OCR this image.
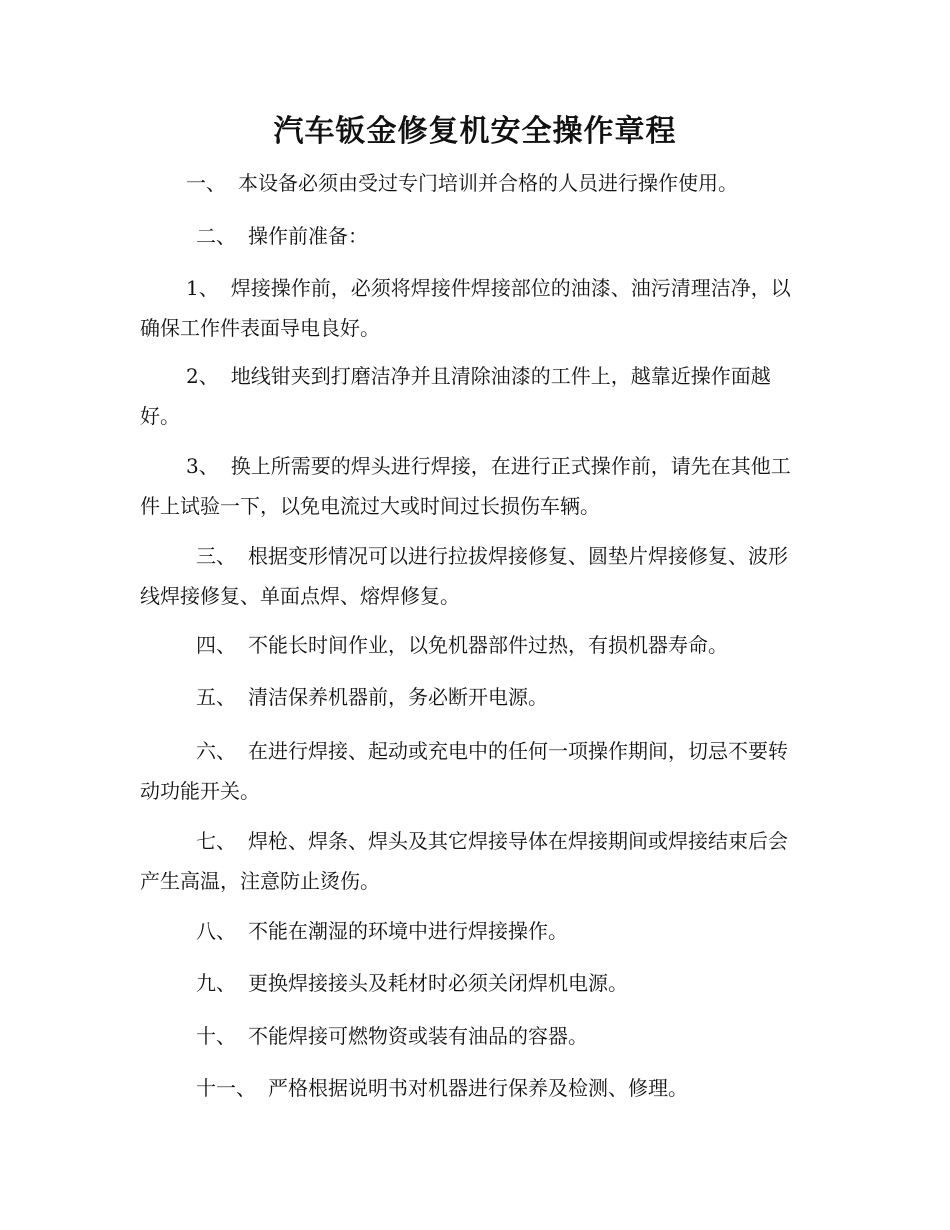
汽车钣金修复机安全操作章程

一、 本设备必须由受过专门培训并合格的人员进行操作使用。

二、 操作前准备：

1、 焊接操作前，必须将焊接件焊接部位的油漆、油污清理洁净，以确保工作件表面导电良好。

2、 地线钳夹到打磨洁净并且清除油漆的工件上，越靠近操作面越好。

3、 换上所需要的焊头进行焊接，在进行正式操作前，请先在其他工件上试验一下，以免电流过大或时间过长损伤车辆。

三、 根据变形情况可以进行拉拔焊接修复、圆垫片焊接修复、波形线焊接修复、单面点焊、熔焊修复。

四、 不能长时间作业，以免机器部件过热，有损机器寿命。

五、 清洁保养机器前，务必断开电源。

六、 在进行焊接、起动或充电中的任何一项操作期间，切忌不要转动功能开关。

七、 焊枪、焊条、焊头及其它焊接导体在焊接期间或焊接结束后会产生高温，注意防止烫伤。

八、 不能在潮湿的环境中进行焊接操作。

九、 更换焊接接头及耗材时必须关闭焊机电源。

十、 不能焊接可燃物资或装有油品的容器。

十一、 严格根据说明书对机器进行保养及检测、修理。
